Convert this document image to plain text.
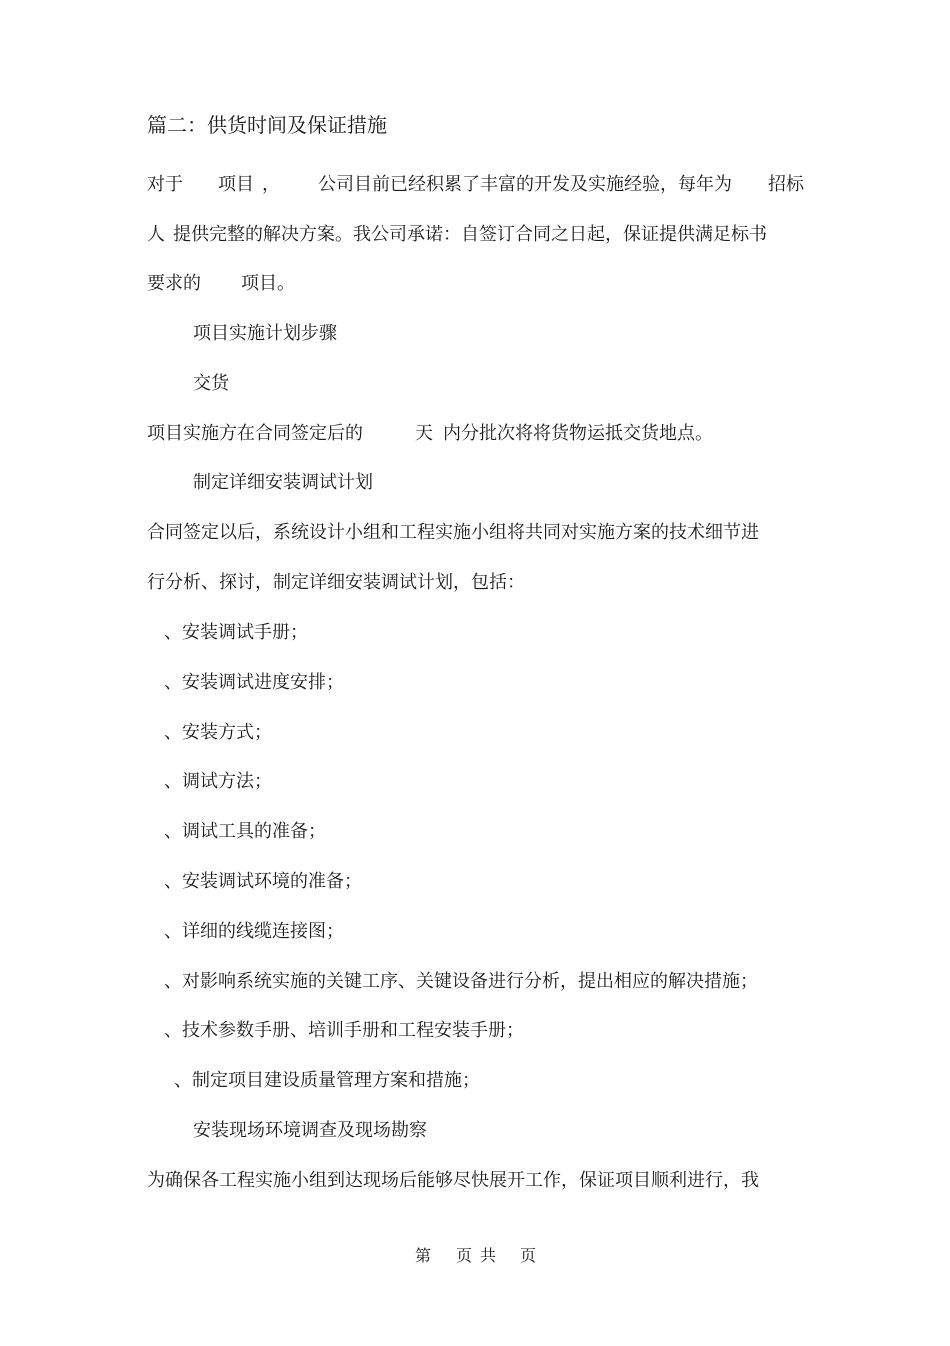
篇二：供货时间及保证措施
对于 项目 ， 公司目前已经积累了丰富的开发及实施经验，每年为 招标
人 提供完整的解决方案。我公司承诺：自签订合同之日起，保证提供满足标书
要求的 项目。
项目实施计划步骤
交货
项目实施方在合同签定后的	天 内分批次将将货物运抵交货地点。
制定详细安装调试计划
合同签定以后，系统设计小组和工程实施小组将共同对实施方案的技术细节进
行分析、探讨，制定详细安装调试计划，包括：
、安装调试手册；
、安装调试进度安排；
、安装方式；
、调试方法；
、调试工具的准备；
、安装调试环境的准备；
、详细的线缆连接图；
、对影响系统实施的关键工序、关键设备进行分析，提出相应的解决措施；
、技术参数手册、培训手册和工程安装手册；
、制定项目建设质量管理方案和措施；
安装现场环境调查及现场勘察
为确保各工程实施小组到达现场后能够尽快展开工作，保证项目顺利进行，我
第 页 共 页
